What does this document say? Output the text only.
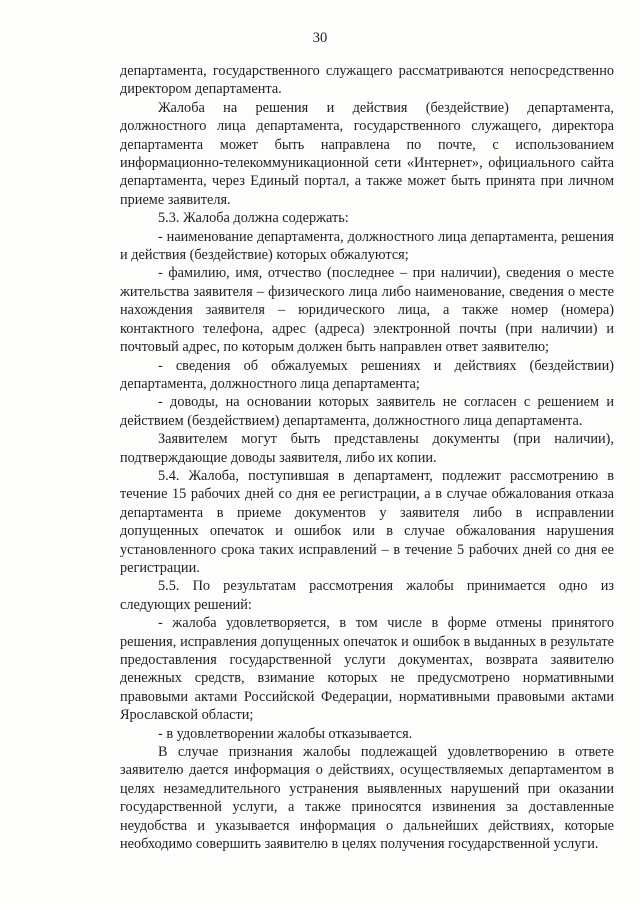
30

департамента, государственного служащего рассматриваются непосредственно директором департамента.

Жалоба на решения и действия (бездействие) департамента, должностного лица департамента, государственного служащего, директора департамента может быть направлена по почте, с использованием информационно-телекоммуникационной сети «Интернет», официального сайта департамента, через Единый портал, а также может быть принята при личном приеме заявителя.

5.3. Жалоба должна содержать:

- наименование департамента, должностного лица департамента, решения и действия (бездействие) которых обжалуются;

- фамилию, имя, отчество (последнее – при наличии), сведения о месте жительства заявителя – физического лица либо наименование, сведения о месте нахождения заявителя – юридического лица, а также номер (номера) контактного телефона, адрес (адреса) электронной почты (при наличии) и почтовый адрес, по которым должен быть направлен ответ заявителю;

- сведения об обжалуемых решениях и действиях (бездействии) департамента, должностного лица департамента;

- доводы, на основании которых заявитель не согласен с решением и действием (бездействием) департамента, должностного лица департамента.

Заявителем могут быть представлены документы (при наличии), подтверждающие доводы заявителя, либо их копии.

5.4. Жалоба, поступившая в департамент, подлежит рассмотрению в течение 15 рабочих дней со дня ее регистрации, а в случае обжалования отказа департамента в приеме документов у заявителя либо в исправлении допущенных опечаток и ошибок или в случае обжалования нарушения установленного срока таких исправлений – в течение 5 рабочих дней со дня ее регистрации.

5.5. По результатам рассмотрения жалобы принимается одно из следующих решений:

- жалоба удовлетворяется, в том числе в форме отмены принятого решения, исправления допущенных опечаток и ошибок в выданных в результате предоставления государственной услуги документах, возврата заявителю денежных средств, взимание которых не предусмотрено нормативными правовыми актами Российской Федерации, нормативными правовыми актами Ярославской области;

- в удовлетворении жалобы отказывается.

В случае признания жалобы подлежащей удовлетворению в ответе заявителю дается информация о действиях, осуществляемых департаментом в целях незамедлительного устранения выявленных нарушений при оказании государственной услуги, а также приносятся извинения за доставленные неудобства и указывается информация о дальнейших действиях, которые необходимо совершить заявителю в целях получения государственной услуги.
